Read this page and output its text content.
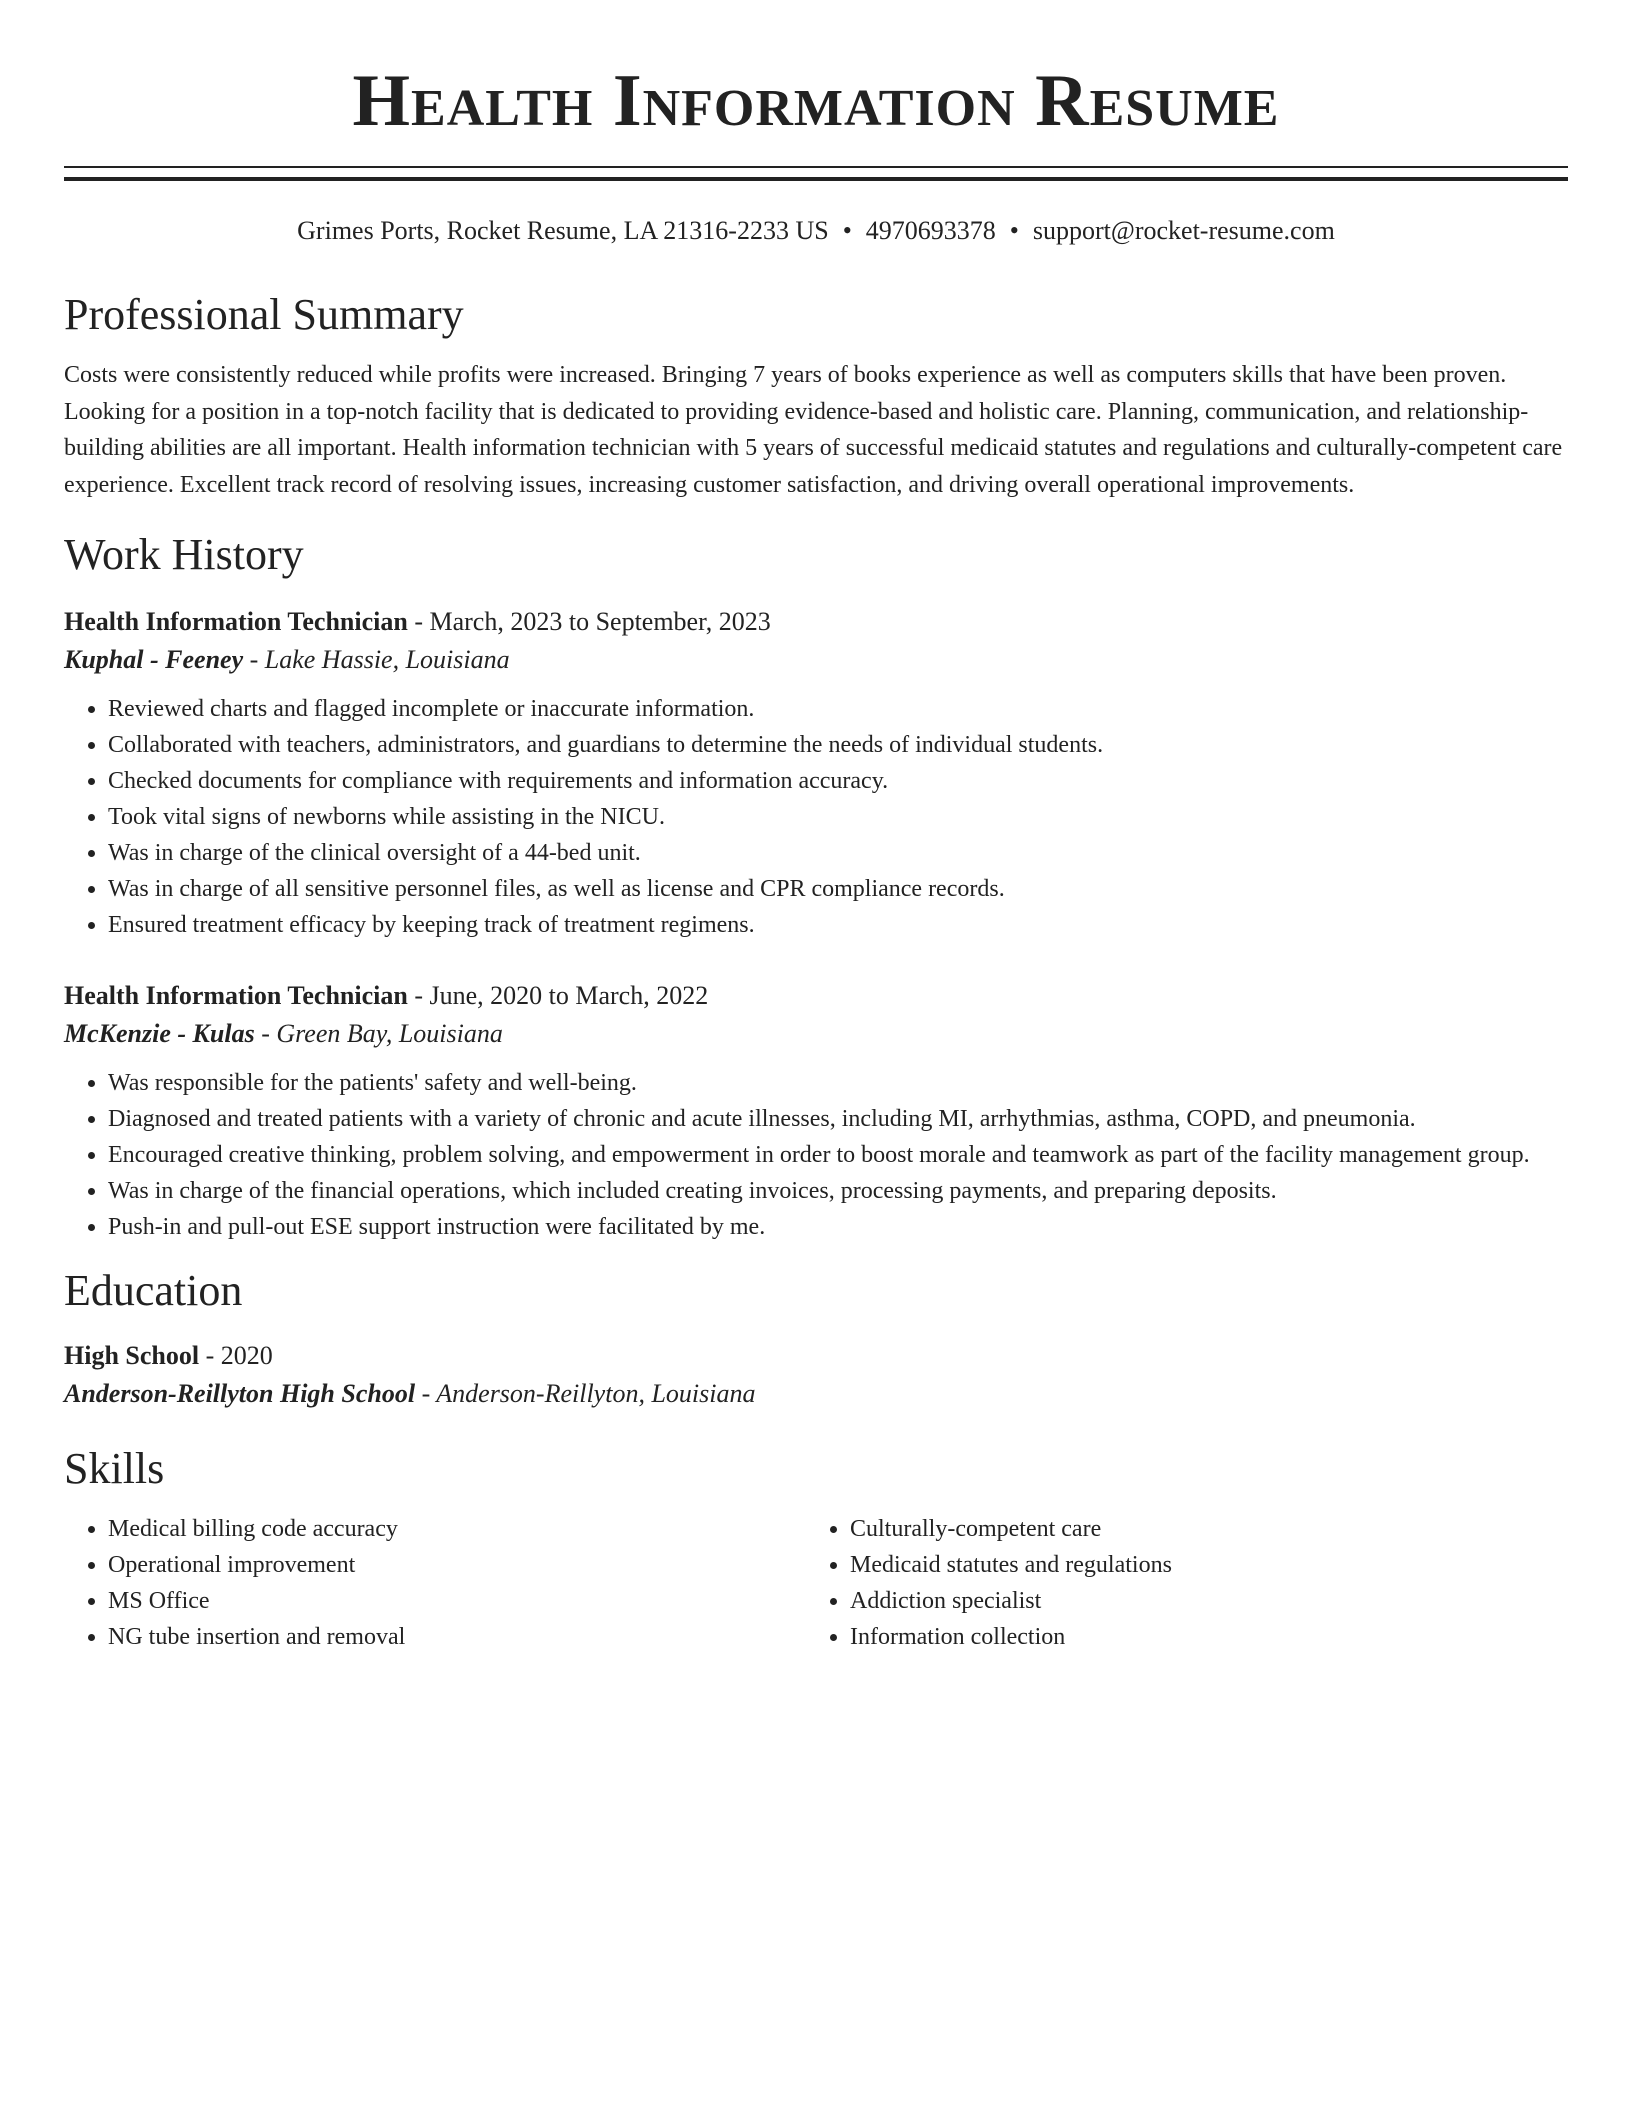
Health Information Resume
Grimes Ports, Rocket Resume, LA 21316-2233 US • 4970693378 • support@rocket-resume.com
Professional Summary

Costs were consistently reduced while profits were increased. Bringing 7 years of books experience as well as computers skills that have been proven. Looking for a position in a top-notch facility that is dedicated to providing evidence-based and holistic care. Planning, communication, and relationship-building abilities are all important. Health information technician with 5 years of successful medicaid statutes and regulations and culturally-competent care experience. Excellent track record of resolving issues, increasing customer satisfaction, and driving overall operational improvements.

Work History
Health Information Technician - March, 2023 to September, 2023
Kuphal - Feeney - Lake Hassie, Louisiana
• Reviewed charts and flagged incomplete or inaccurate information.
• Collaborated with teachers, administrators, and guardians to determine the needs of individual students.
• Checked documents for compliance with requirements and information accuracy.
• Took vital signs of newborns while assisting in the NICU.
• Was in charge of the clinical oversight of a 44-bed unit.
• Was in charge of all sensitive personnel files, as well as license and CPR compliance records.
• Ensured treatment efficacy by keeping track of treatment regimens.
Health Information Technician - June, 2020 to March, 2022
McKenzie - Kulas - Green Bay, Louisiana
• Was responsible for the patients' safety and well-being.
• Diagnosed and treated patients with a variety of chronic and acute illnesses, including MI, arrhythmias, asthma, COPD, and pneumonia.
• Encouraged creative thinking, problem solving, and empowerment in order to boost morale and teamwork as part of the facility management group.
• Was in charge of the financial operations, which included creating invoices, processing payments, and preparing deposits.
• Push-in and pull-out ESE support instruction were facilitated by me.
Education
High School - 2020
Anderson-Reillyton High School - Anderson-Reillyton, Louisiana
Skills
• Medical billing code accuracy
• Operational improvement
• MS Office
• NG tube insertion and removal
• Culturally-competent care
• Medicaid statutes and regulations
• Addiction specialist
• Information collection
